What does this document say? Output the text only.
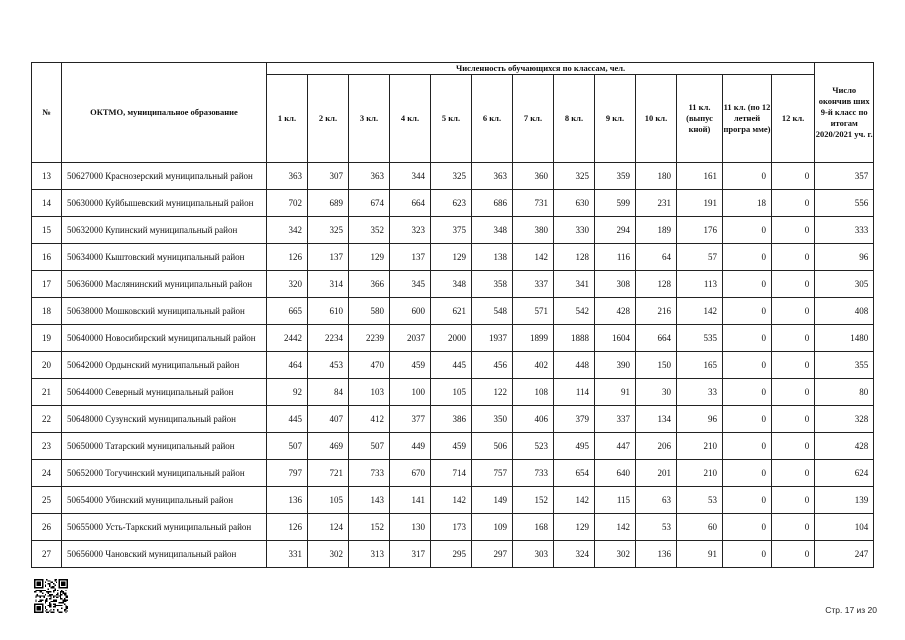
№	ОКТМО, муниципальное образование	Численность обучающихся по классам, чел.													Число окончив ших 9-й класс по итогам 2020/2021 уч. г.
		1 кл.	2 кл.	3 кл.	4 кл.	5 кл.	6 кл.	7 кл.	8 кл.	9 кл.	10 кл.	11 кл. (выпус кной)	11 кл. (по 12 летней програ мме)	12 кл.	
13	50627000 Краснозерский муниципальный район	363	307	363	344	325	363	360	325	359	180	161	0	0	357
14	50630000 Куйбышевский муниципальный район	702	689	674	664	623	686	731	630	599	231	191	18	0	556
15	50632000 Купинский муниципальный район	342	325	352	323	375	348	380	330	294	189	176	0	0	333
16	50634000 Кыштовский муниципальный район	126	137	129	137	129	138	142	128	116	64	57	0	0	96
17	50636000 Маслянинский муниципальный район	320	314	366	345	348	358	337	341	308	128	113	0	0	305
18	50638000 Мошковский муниципальный район	665	610	580	600	621	548	571	542	428	216	142	0	0	408
19	50640000 Новосибирский муниципальный район	2442	2234	2239	2037	2000	1937	1899	1888	1604	664	535	0	0	1480
20	50642000 Ордынский муниципальный район	464	453	470	459	445	456	402	448	390	150	165	0	0	355
21	50644000 Северный муниципальный район	92	84	103	100	105	122	108	114	91	30	33	0	0	80
22	50648000 Сузунский муниципальный район	445	407	412	377	386	350	406	379	337	134	96	0	0	328
23	50650000 Татарский муниципальный район	507	469	507	449	459	506	523	495	447	206	210	0	0	428
24	50652000 Тогучинский муниципальный район	797	721	733	670	714	757	733	654	640	201	210	0	0	624
25	50654000 Убинский муниципальный район	136	105	143	141	142	149	152	142	115	63	53	0	0	139
26	50655000 Усть-Таркский муниципальный район	126	124	152	130	173	109	168	129	142	53	60	0	0	104
27	50656000 Чановский муниципальный район	331	302	313	317	295	297	303	324	302	136	91	0	0	247
Стр. 17 из 20
